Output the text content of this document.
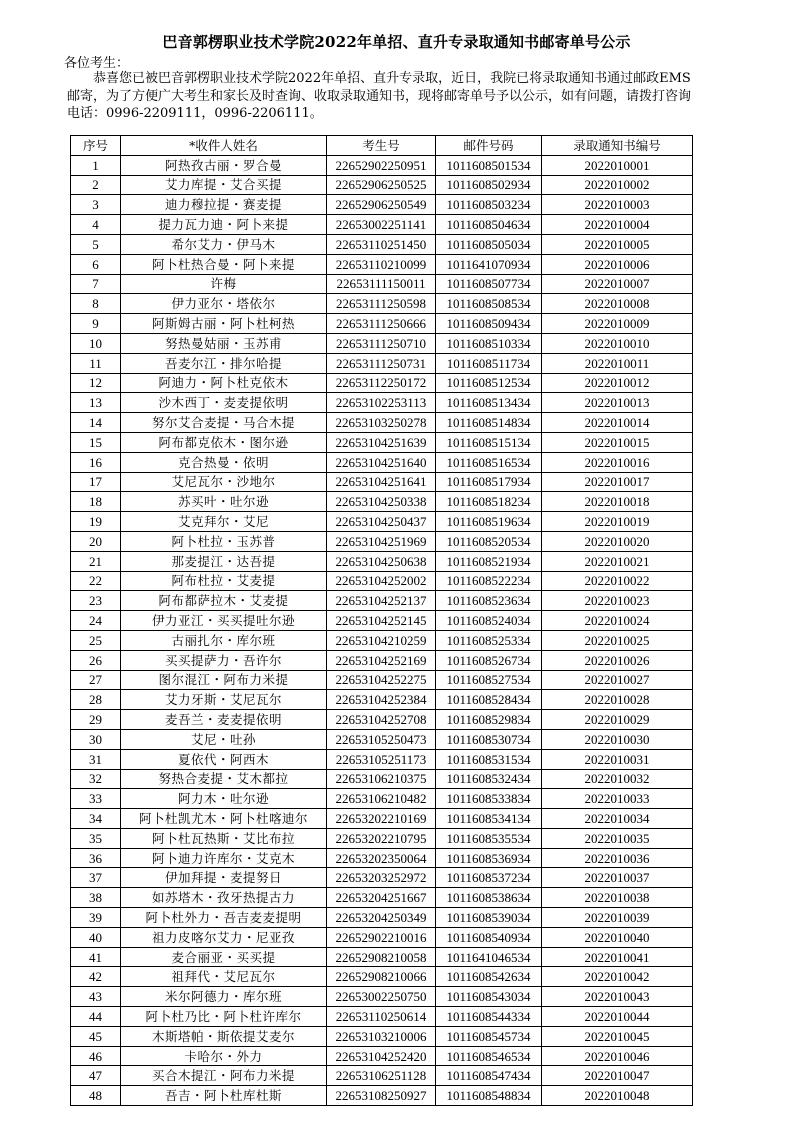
巴音郭楞职业技术学院2022年单招、直升专录取通知书邮寄单号公示
各位考生：
恭喜您已被巴音郭楞职业技术学院2022年单招、直升专录取，近日，我院已将录取通知书通过邮政EMS邮寄，为了方便广大考生和家长及时查询、收取录取通知书，现将邮寄单号予以公示，如有问题，请拨打咨询电话：0996-2209111，0996-2206111。
序号	*收件人姓名	考生号	邮件号码	录取通知书编号
1	阿热孜古丽・罗合曼	22652902250951	1011608501534	2022010001
2	艾力库提・艾合买提	22652906250525	1011608502934	2022010002
3	迪力穆拉提・赛麦提	22652906250549	1011608503234	2022010003
4	提力瓦力迪・阿卜来提	22653002251141	1011608504634	2022010004
5	希尔艾力・伊马木	22653110251450	1011608505034	2022010005
6	阿卜杜热合曼・阿卜来提	22653110210099	1011641070934	2022010006
7	许梅	22653111150011	1011608507734	2022010007
8	伊力亚尔・塔依尔	22653111250598	1011608508534	2022010008
9	阿斯姆古丽・阿卜杜柯热	22653111250666	1011608509434	2022010009
10	努热曼姑丽・玉苏甫	22653111250710	1011608510334	2022010010
11	吾麦尔江・排尔哈提	22653111250731	1011608511734	2022010011
12	阿迪力・阿卜杜克依木	22653112250172	1011608512534	2022010012
13	沙木西丁・麦麦提依明	22653102253113	1011608513434	2022010013
14	努尔艾合麦提・马合木提	22653103250278	1011608514834	2022010014
15	阿布都克依木・图尔逊	22653104251639	1011608515134	2022010015
16	克合热曼・依明	22653104251640	1011608516534	2022010016
17	艾尼瓦尔・沙地尔	22653104251641	1011608517934	2022010017
18	苏买叶・吐尔逊	22653104250338	1011608518234	2022010018
19	艾克拜尔・艾尼	22653104250437	1011608519634	2022010019
20	阿卜杜拉・玉苏普	22653104251969	1011608520534	2022010020
21	那麦提江・达吾提	22653104250638	1011608521934	2022010021
22	阿布杜拉・艾麦提	22653104252002	1011608522234	2022010022
23	阿布都萨拉木・艾麦提	22653104252137	1011608523634	2022010023
24	伊力亚江・买买提吐尔逊	22653104252145	1011608524034	2022010024
25	古丽扎尔・库尔班	22653104210259	1011608525334	2022010025
26	买买提萨力・吾许尔	22653104252169	1011608526734	2022010026
27	图尔混江・阿布力米提	22653104252275	1011608527534	2022010027
28	艾力牙斯・艾尼瓦尔	22653104252384	1011608528434	2022010028
29	麦吾兰・麦麦提依明	22653104252708	1011608529834	2022010029
30	艾尼・吐孙	22653105250473	1011608530734	2022010030
31	夏依代・阿西木	22653105251173	1011608531534	2022010031
32	努热合麦提・艾木都拉	22653106210375	1011608532434	2022010032
33	阿力木・吐尔逊	22653106210482	1011608533834	2022010033
34	阿卜杜凯尤木・阿卜杜喀迪尔	22653202210169	1011608534134	2022010034
35	阿卜杜瓦热斯・艾比布拉	22653202210795	1011608535534	2022010035
36	阿卜迪力许库尔・艾克木	22653202350064	1011608536934	2022010036
37	伊加拜提・麦提努日	22653203252972	1011608537234	2022010037
38	如苏塔木・孜牙热提古力	22653204251667	1011608538634	2022010038
39	阿卜杜外力・吾吉麦麦提明	22653204250349	1011608539034	2022010039
40	祖力皮喀尔艾力・尼亚孜	22652902210016	1011608540934	2022010040
41	麦合丽亚・买买提	22652908210058	1011641046534	2022010041
42	祖拜代・艾尼瓦尔	22652908210066	1011608542634	2022010042
43	米尔阿德力・库尔班	22653002250750	1011608543034	2022010043
44	阿卜杜乃比・阿卜杜许库尔	22653110250614	1011608544334	2022010044
45	木斯塔帕・斯依提艾麦尔	22653103210006	1011608545734	2022010045
46	卡哈尔・外力	22653104252420	1011608546534	2022010046
47	买合木提江・阿布力米提	22653106251128	1011608547434	2022010047
48	吾吉・阿卜杜库杜斯	22653108250927	1011608548834	2022010048
